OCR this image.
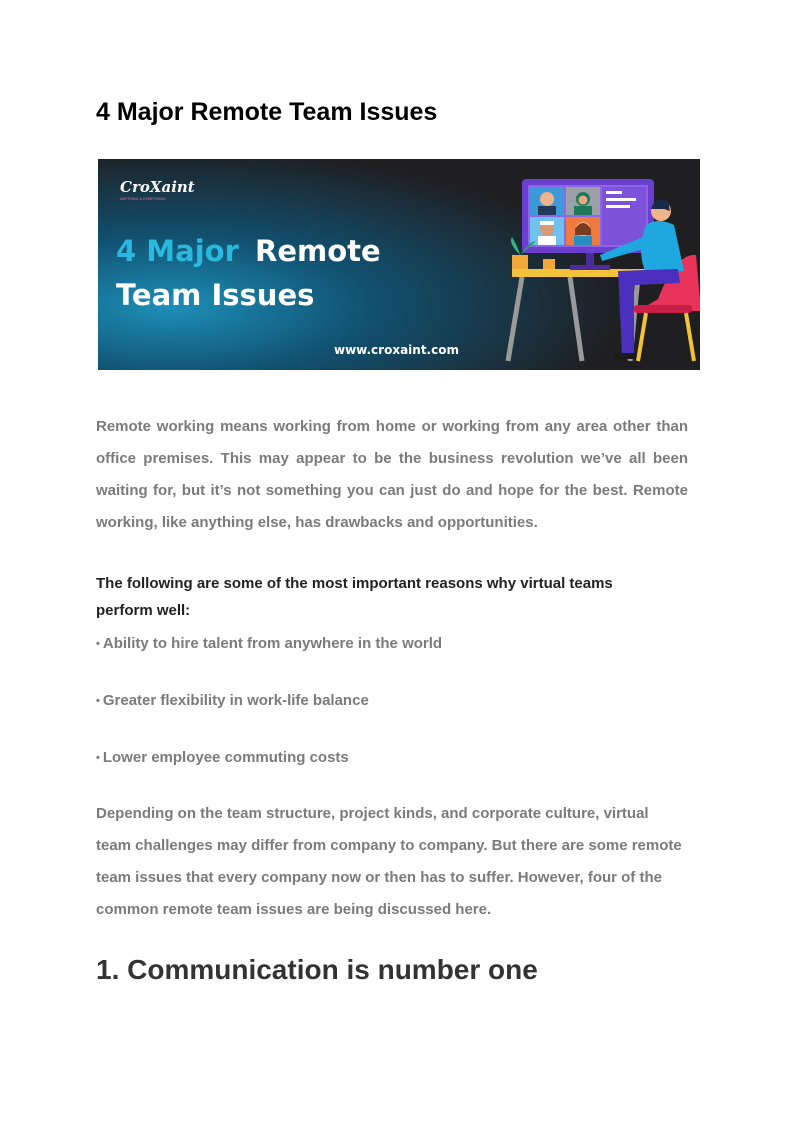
4 Major Remote Team Issues
CroXaint
ANYTHING & EVERYTHING
4 Major Remote
Team Issues
www.croxaint.com

Remote working means working from home or working from any area other than office premises. This may appear to be the business revolution we’ve all been waiting for, but it’s not something you can just do and hope for the best. Remote working, like anything else, has drawbacks and opportunities.

The following are some of the most important reasons why virtual teams perform well:

• Ability to hire talent from anywhere in the world

• Greater flexibility in work-life balance

• Lower employee commuting costs

Depending on the team structure, project kinds, and corporate culture, virtual team challenges may differ from company to company. But there are some remote team issues that every company now or then has to suffer. However, four of the common remote team issues are being discussed here.

1. Communication is number one
